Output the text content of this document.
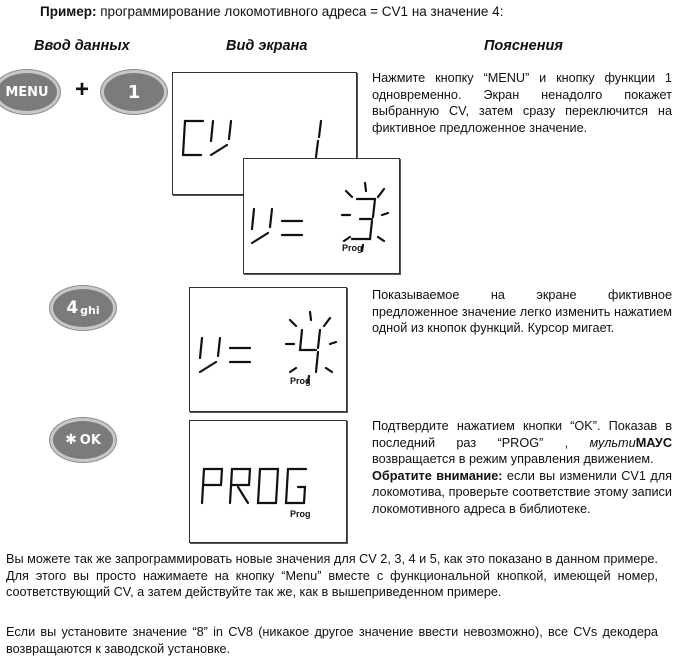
Пример: программирование локомотивного адреса = CV1 на значение 4:
Ввод данных	Вид экрана	Пояснения
MENU + 1
Prog
Нажмите кнопку “MENU” и кнопку функции 1 одновременно. Экран ненадолго покажет выбранную CV, затем сразу переключится на фиктивное предложенное значение.
4 ghi
Prog
Показываемое на экране фиктивное предложенное значение легко изменить нажатием одной из кнопок функций. Курсор мигает.
✱ OK
Prog
Подтвердите нажатием кнопки “OK”. Показав в последний раз “PROG” , мультиМАУС возвращается в режим управления движением.
Обратите внимание: если вы изменили CV1 для локомотива, проверьте соответствие этому записи локомотивного адреса в библиотеке.
Вы можете так же запрограммировать новые значения для CV 2, 3, 4 и 5, как это показано в данном примере. Для этого вы просто нажимаете на кнопку “Menu” вместе с функциональной кнопкой, имеющей номер, соответствующий CV, а затем действуйте так же, как в вышеприведенном примере.
Если вы установите значение “8” in CV8 (никакое другое значение ввести невозможно), все CVs декодера возвращаются к заводской установке.
